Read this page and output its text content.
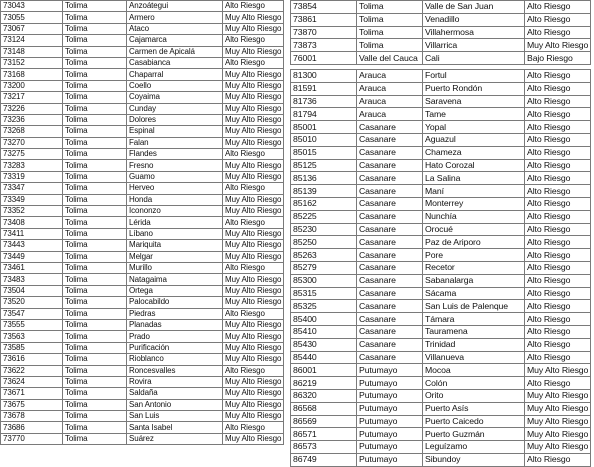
73043	Tolima	Anzoátegui	Alto Riesgo
73055	Tolima	Armero	Muy Alto Riesgo
73067	Tolima	Ataco	Muy Alto Riesgo
73124	Tolima	Cajamarca	Alto Riesgo
73148	Tolima	Carmen de Apicalá	Muy Alto Riesgo
73152	Tolima	Casabianca	Alto Riesgo
73168	Tolima	Chaparral	Muy Alto Riesgo
73200	Tolima	Coello	Muy Alto Riesgo
73217	Tolima	Coyaima	Muy Alto Riesgo
73226	Tolima	Cunday	Muy Alto Riesgo
73236	Tolima	Dolores	Muy Alto Riesgo
73268	Tolima	Espinal	Muy Alto Riesgo
73270	Tolima	Falan	Muy Alto Riesgo
73275	Tolima	Flandes	Alto Riesgo
73283	Tolima	Fresno	Muy Alto Riesgo
73319	Tolima	Guamo	Muy Alto Riesgo
73347	Tolima	Herveo	Alto Riesgo
73349	Tolima	Honda	Muy Alto Riesgo
73352	Tolima	Icononzo	Muy Alto Riesgo
73408	Tolima	Lérida	Alto Riesgo
73411	Tolima	Líbano	Muy Alto Riesgo
73443	Tolima	Mariquita	Muy Alto Riesgo
73449	Tolima	Melgar	Muy Alto Riesgo
73461	Tolima	Murillo	Alto Riesgo
73483	Tolima	Natagaima	Muy Alto Riesgo
73504	Tolima	Ortega	Muy Alto Riesgo
73520	Tolima	Palocabildo	Muy Alto Riesgo
73547	Tolima	Piedras	Alto Riesgo
73555	Tolima	Planadas	Muy Alto Riesgo
73563	Tolima	Prado	Muy Alto Riesgo
73585	Tolima	Purificación	Muy Alto Riesgo
73616	Tolima	Rioblanco	Muy Alto Riesgo
73622	Tolima	Roncesvalles	Alto Riesgo
73624	Tolima	Rovira	Muy Alto Riesgo
73671	Tolima	Saldaña	Muy Alto Riesgo
73675	Tolima	San Antonio	Muy Alto Riesgo
73678	Tolima	San Luis	Muy Alto Riesgo
73686	Tolima	Santa Isabel	Alto Riesgo
73770	Tolima	Suárez	Muy Alto Riesgo
73854	Tolima	Valle de San Juan	Alto Riesgo
73861	Tolima	Venadillo	Alto Riesgo
73870	Tolima	Villahermosa	Alto Riesgo
73873	Tolima	Villarrica	Muy Alto Riesgo
76001	Valle del Cauca	Cali	Bajo Riesgo
81300	Arauca	Fortul	Alto Riesgo
81591	Arauca	Puerto Rondón	Alto Riesgo
81736	Arauca	Saravena	Alto Riesgo
81794	Arauca	Tame	Alto Riesgo
85001	Casanare	Yopal	Alto Riesgo
85010	Casanare	Aguazul	Alto Riesgo
85015	Casanare	Chameza	Alto Riesgo
85125	Casanare	Hato Corozal	Alto Riesgo
85136	Casanare	La Salina	Alto Riesgo
85139	Casanare	Maní	Alto Riesgo
85162	Casanare	Monterrey	Alto Riesgo
85225	Casanare	Nunchía	Alto Riesgo
85230	Casanare	Orocué	Alto Riesgo
85250	Casanare	Paz de Ariporo	Alto Riesgo
85263	Casanare	Pore	Alto Riesgo
85279	Casanare	Recetor	Alto Riesgo
85300	Casanare	Sabanalarga	Alto Riesgo
85315	Casanare	Sácama	Alto Riesgo
85325	Casanare	San Luis de Palenque	Alto Riesgo
85400	Casanare	Támara	Alto Riesgo
85410	Casanare	Tauramena	Alto Riesgo
85430	Casanare	Trinidad	Alto Riesgo
85440	Casanare	Villanueva	Alto Riesgo
86001	Putumayo	Mocoa	Muy Alto Riesgo
86219	Putumayo	Colón	Alto Riesgo
86320	Putumayo	Orito	Muy Alto Riesgo
86568	Putumayo	Puerto Asís	Muy Alto Riesgo
86569	Putumayo	Puerto Caicedo	Muy Alto Riesgo
86571	Putumayo	Puerto Guzmán	Muy Alto Riesgo
86573	Putumayo	Leguízamo	Muy Alto Riesgo
86749	Putumayo	Sibundoy	Alto Riesgo
